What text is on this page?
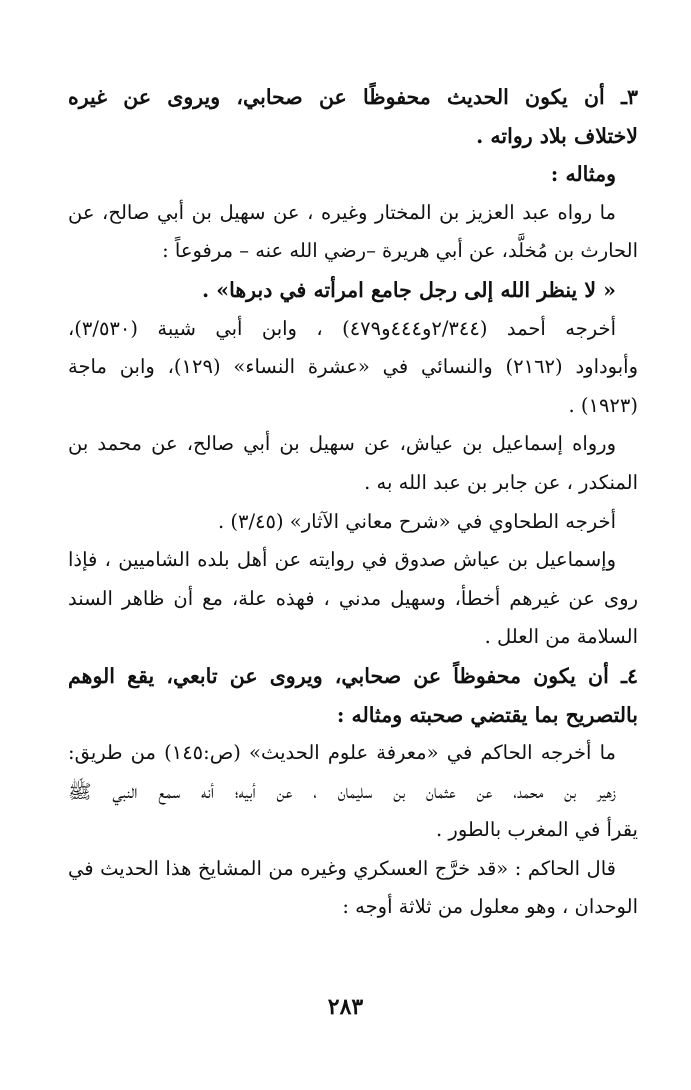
٣ـ أن يكون الحديث محفوظًا عن صحابي، ويروى عن غيره
لاختلاف بلاد رواته .
ومثاله :
ما رواه عبد العزيز بن المختار وغيره ، عن سهيل بن أبي صالح، عن
الحارث بن مُخلَّد، عن أبي هريرة –رضي الله عنه – مرفوعاً :
« لا ينظر الله إلى رجل جامع امرأته في دبرها» .
أخرجه أحمد (٢/٣٤٤و٤٤٤و٤٧٩) ، وابن أبي شيبة (٣/٥٣٠)،
وأبوداود (٢١٦٢) والنسائي في «عشرة النساء» (١٢٩)، وابن ماجة
(١٩٢٣) .
ورواه إسماعيل بن عياش، عن سهيل بن أبي صالح، عن محمد بن
المنكدر ، عن جابر بن عبد الله به .
أخرجه الطحاوي في «شرح معاني الآثار» (٣/٤٥) .
وإسماعيل بن عياش صدوق في روايته عن أهل بلده الشاميين ، فإذا
روى عن غيرهم أخطأ، وسهيل مدني ، فهذه علة، مع أن ظاهر السند
السلامة من العلل .
٤ـ أن يكون محفوظاً عن صحابي، ويروى عن تابعي، يقع الوهم
بالتصريح بما يقتضي صحبته ومثاله :
ما أخرجه الحاكم في «معرفة علوم الحديث» (ص:١٤٥) من طريق:
زهير بن محمد، عن عثمان بن سليمان ، عن أبيه؛ أنه سمع النبي ﷺ
يقرأ في المغرب بالطور .
قال الحاكم : «قد خرَّج العسكري وغيره من المشايخ هذا الحديث في
الوحدان ، وهو معلول من ثلاثة أوجه :
٢٨٣
